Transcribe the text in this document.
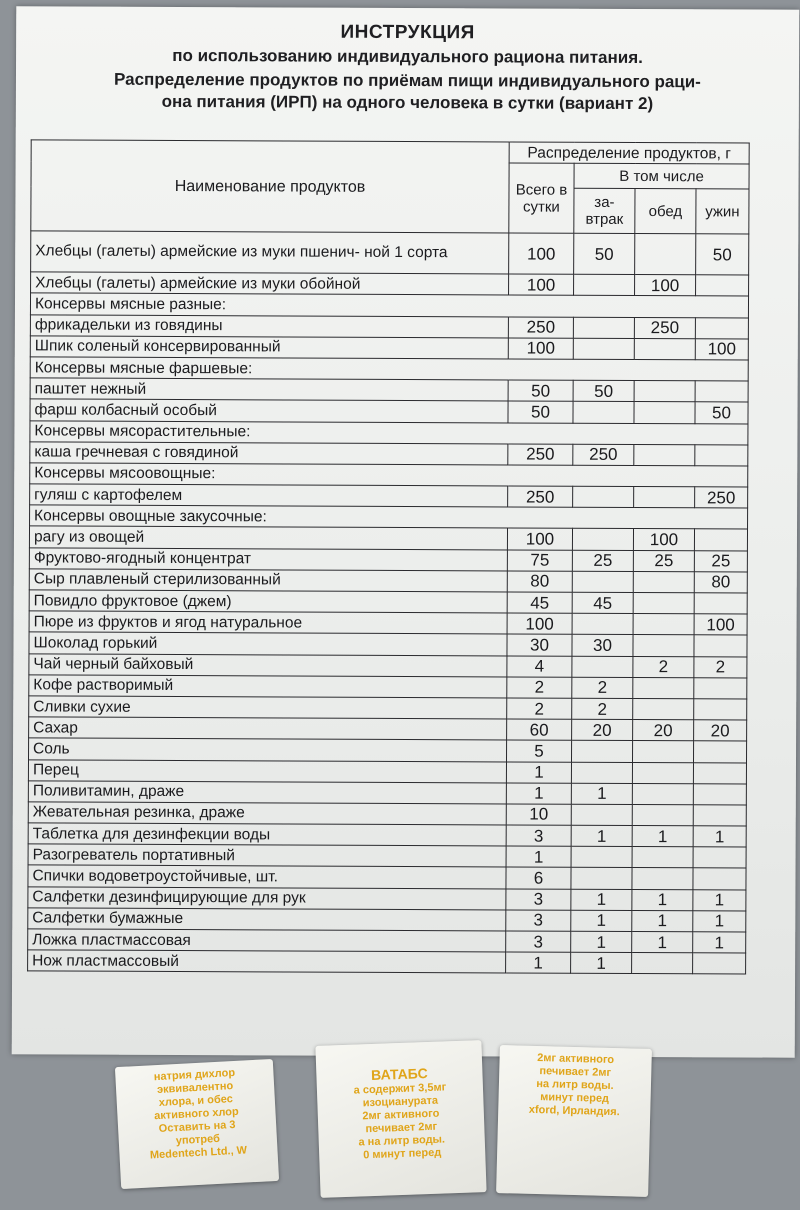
ИНСТРУКЦИЯ
по использованию индивидуального рациона питания.
Распределение продуктов по приёмам пищи индивидуального раци-
она питания (ИРП) на одного человека в сутки (вариант 2)
Наименование продуктов	Распределение продуктов, г			
	Всего в сутки	В том числе		
		за-втрак	обед	ужин
Хлебцы (галеты) армейские из муки пшенич- ной 1 сорта	100	50		50
Хлебцы (галеты) армейские из муки обойной	100		100	
Консервы мясные разные:				
фрикадельки из говядины	250		250	
Шпик соленый консервированный	100			100
Консервы мясные фаршевые:				
паштет нежный	50	50		
фарш колбасный особый	50			50
Консервы мясорастительные:				
каша гречневая с говядиной	250	250		
Консервы мясоовощные:				
гуляш с картофелем	250			250
Консервы овощные закусочные:				
рагу из овощей	100		100	
Фруктово-ягодный концентрат	75	25	25	25
Сыр плавленый стерилизованный	80			80
Повидло фруктовое (джем)	45	45		
Пюре из фруктов и ягод натуральное	100			100
Шоколад горький	30	30		
Чай черный байховый	4		2	2
Кофе растворимый	2	2		
Сливки сухие	2	2		
Сахар	60	20	20	20
Соль	5			
Перец	1			
Поливитамин, драже	1	1		
Жевательная резинка, драже	10			
Таблетка для дезинфекции воды	3	1	1	1
Разогреватель портативный	1			
Спички водоветроустойчивые, шт.	6			
Салфетки дезинфицирующие для рук	3	1	1	1
Салфетки бумажные	3	1	1	1
Ложка пластмассовая	3	1	1	1
Нож пластмассовый	1	1		
натрия дихлор
эквивалентно
хлора, и обес
активного хлор
Оставить на 3
употреб
Medentech Ltd., W
ВАТАБС
а содержит 3,5мг
изоцианурата
2мг активного
печивает 2мг
а на литр воды.
0 минут перед
2мг активного
печивает 2мг
на литр воды.
минут перед
xford, Ирландия.
